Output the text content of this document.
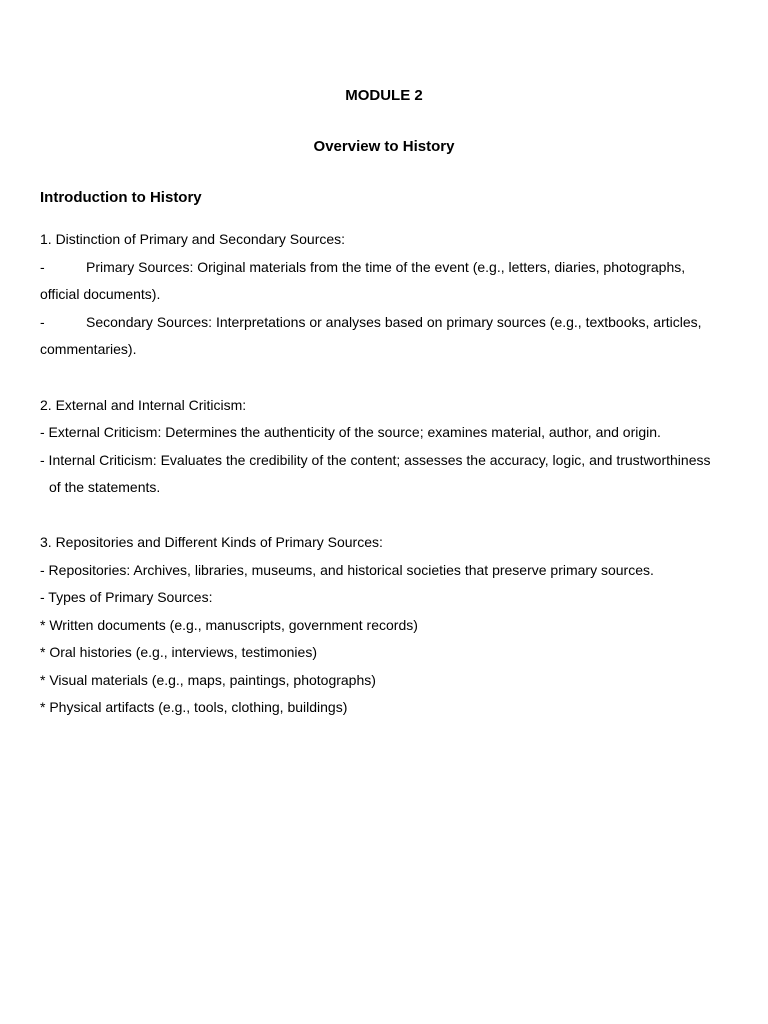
MODULE 2
Overview to History
Introduction to History
1. Distinction of Primary and Secondary Sources:
-	Primary Sources: Original materials from the time of the event (e.g., letters, diaries, photographs,
official documents).
-	Secondary Sources: Interpretations or analyses based on primary sources (e.g., textbooks, articles,
commentaries).
2. External and Internal Criticism:
- External Criticism: Determines the authenticity of the source; examines material, author, and origin.
- Internal Criticism: Evaluates the credibility of the content; assesses the accuracy, logic, and trustworthiness
of the statements.
3. Repositories and Different Kinds of Primary Sources:
- Repositories: Archives, libraries, museums, and historical societies that preserve primary sources.
- Types of Primary Sources:
* Written documents (e.g., manuscripts, government records)
* Oral histories (e.g., interviews, testimonies)
* Visual materials (e.g., maps, paintings, photographs)
* Physical artifacts (e.g., tools, clothing, buildings)
